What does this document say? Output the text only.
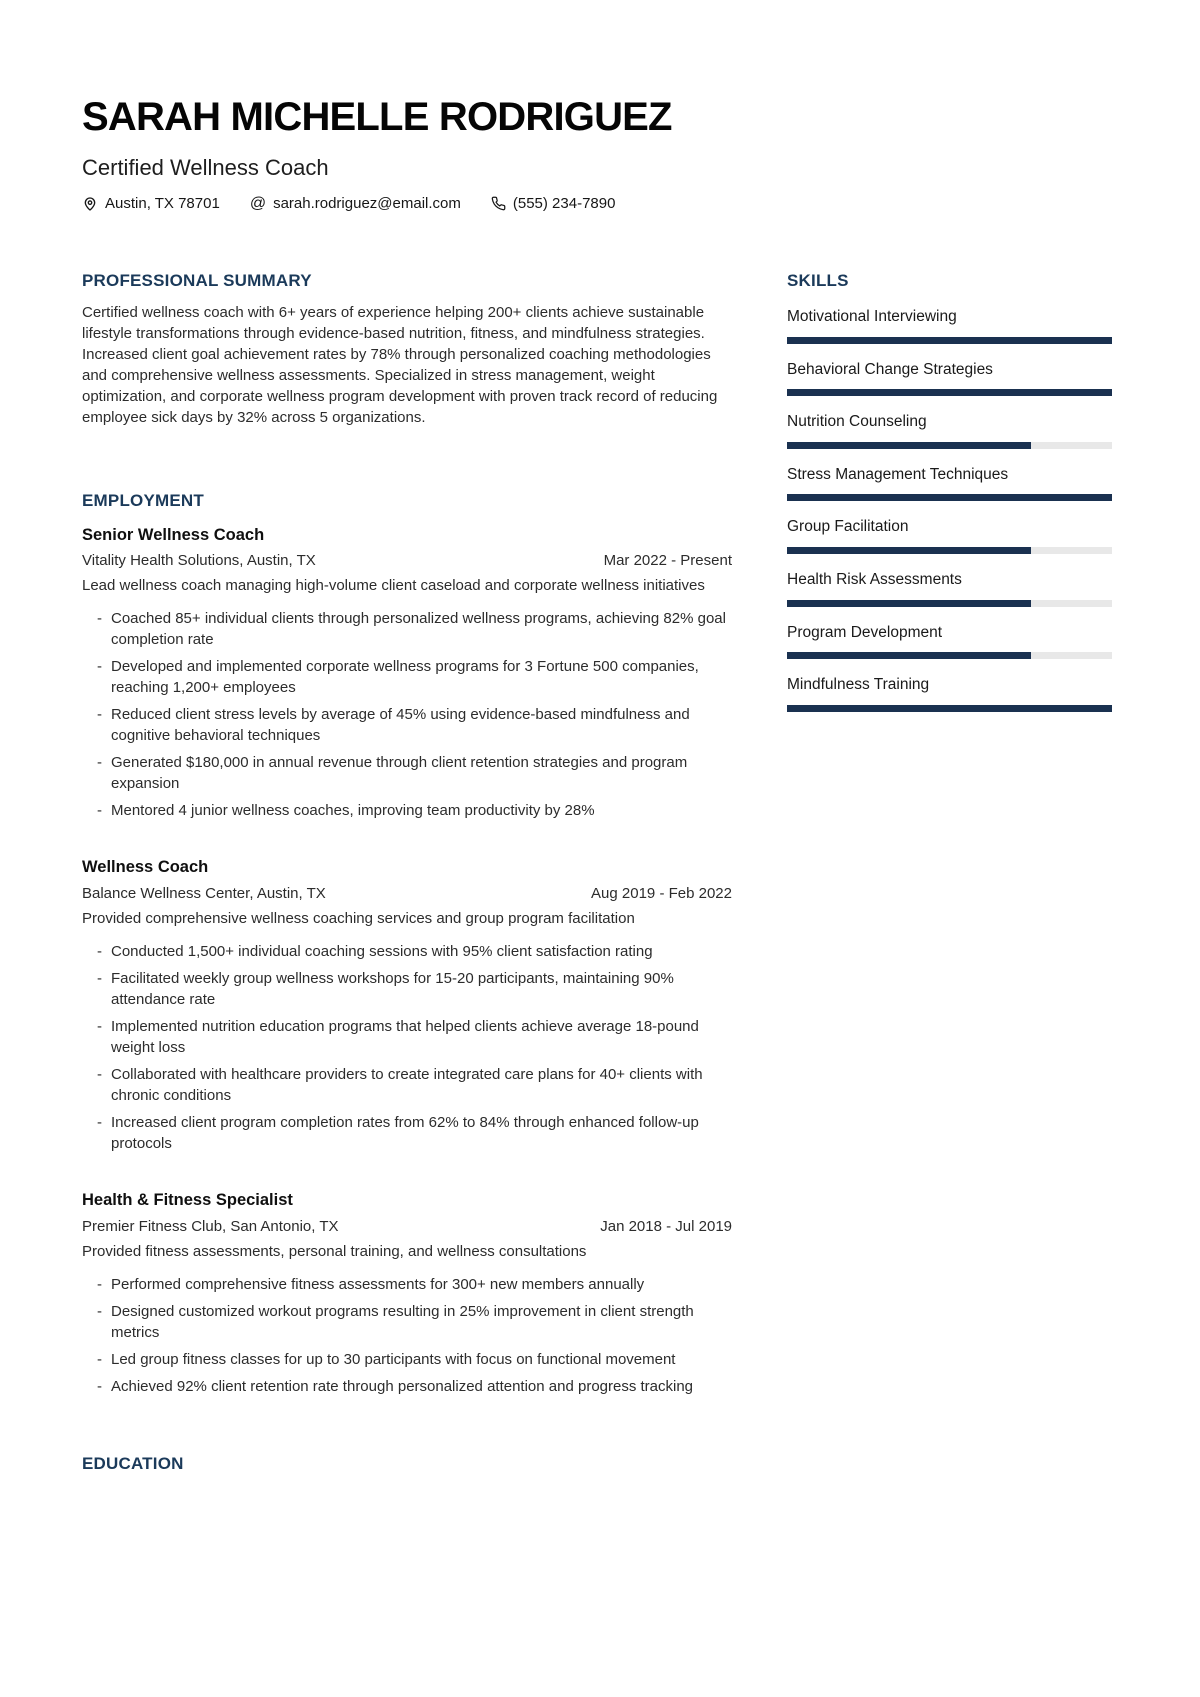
SARAH MICHELLE RODRIGUEZ
Certified Wellness Coach
Austin, TX 78701 @ sarah.rodriguez@email.com	(555) 234-7890
PROFESSIONAL SUMMARY
Certified wellness coach with 6+ years of experience helping 200+ clients achieve sustainable lifestyle transformations through evidence-based nutrition, fitness, and mindfulness strategies. Increased client goal achievement rates by 78% through personalized coaching methodologies and comprehensive wellness assessments. Specialized in stress management, weight optimization, and corporate wellness program development with proven track record of reducing employee sick days by 32% across 5 organizations.
EMPLOYMENT
Senior Wellness Coach
Vitality Health Solutions, Austin, TX	Mar 2022 - Present
Lead wellness coach managing high-volume client caseload and corporate wellness initiatives
- Coached 85+ individual clients through personalized wellness programs, achieving 82% goal completion rate
- Developed and implemented corporate wellness programs for 3 Fortune 500 companies, reaching 1,200+ employees
- Reduced client stress levels by average of 45% using evidence-based mindfulness and cognitive behavioral techniques
- Generated $180,000 in annual revenue through client retention strategies and program expansion
- Mentored 4 junior wellness coaches, improving team productivity by 28%
Wellness Coach
Balance Wellness Center, Austin, TX	Aug 2019 - Feb 2022
Provided comprehensive wellness coaching services and group program facilitation
- Conducted 1,500+ individual coaching sessions with 95% client satisfaction rating
- Facilitated weekly group wellness workshops for 15-20 participants, maintaining 90% attendance rate
- Implemented nutrition education programs that helped clients achieve average 18-pound weight loss
- Collaborated with healthcare providers to create integrated care plans for 40+ clients with chronic conditions
- Increased client program completion rates from 62% to 84% through enhanced follow-up protocols
Health & Fitness Specialist
Premier Fitness Club, San Antonio, TX	Jan 2018 - Jul 2019
Provided fitness assessments, personal training, and wellness consultations
- Performed comprehensive fitness assessments for 300+ new members annually
- Designed customized workout programs resulting in 25% improvement in client strength metrics
- Led group fitness classes for up to 30 participants with focus on functional movement
- Achieved 92% client retention rate through personalized attention and progress tracking
EDUCATION
SKILLS
Motivational Interviewing
Behavioral Change Strategies
Nutrition Counseling
Stress Management Techniques
Group Facilitation
Health Risk Assessments
Program Development
Mindfulness Training
